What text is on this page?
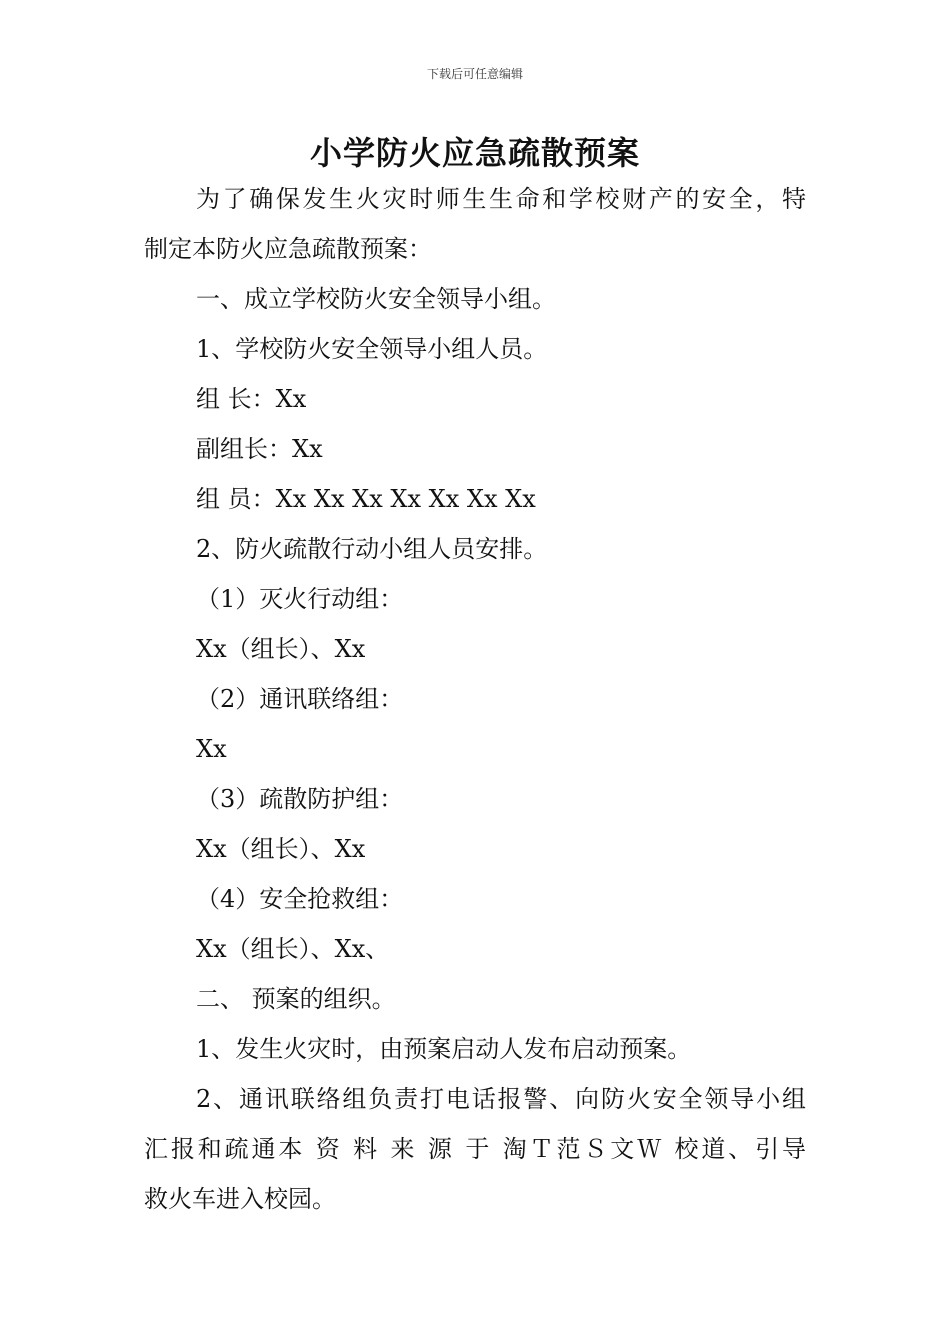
下载后可任意编辑
小学防火应急疏散预案
为了确保发生火灾时师生生命和学校财产的安全，特
制定本防火应急疏散预案：
一、成立学校防火安全领导小组。
1、学校防火安全领导小组人员。
组 长：Xx
副组长：Xx
组 员：Xx Xx Xx Xx Xx Xx Xx
2、防火疏散行动小组人员安排。
（1）灭火行动组：
Xx（组长）、Xx
（2）通讯联络组：
Xx
（3）疏散防护组：
Xx（组长）、Xx
（4）安全抢救组：
Xx（组长）、Xx、
二、 预案的组织。
1、发生火灾时，由预案启动人发布启动预案。
2、通讯联络组负责打电话报警、向防火安全领导小组
汇报和疏通本 资 料 来 源 于 淘Ｔ范Ｓ文Ｗ 校道、引导
救火车进入校园。
